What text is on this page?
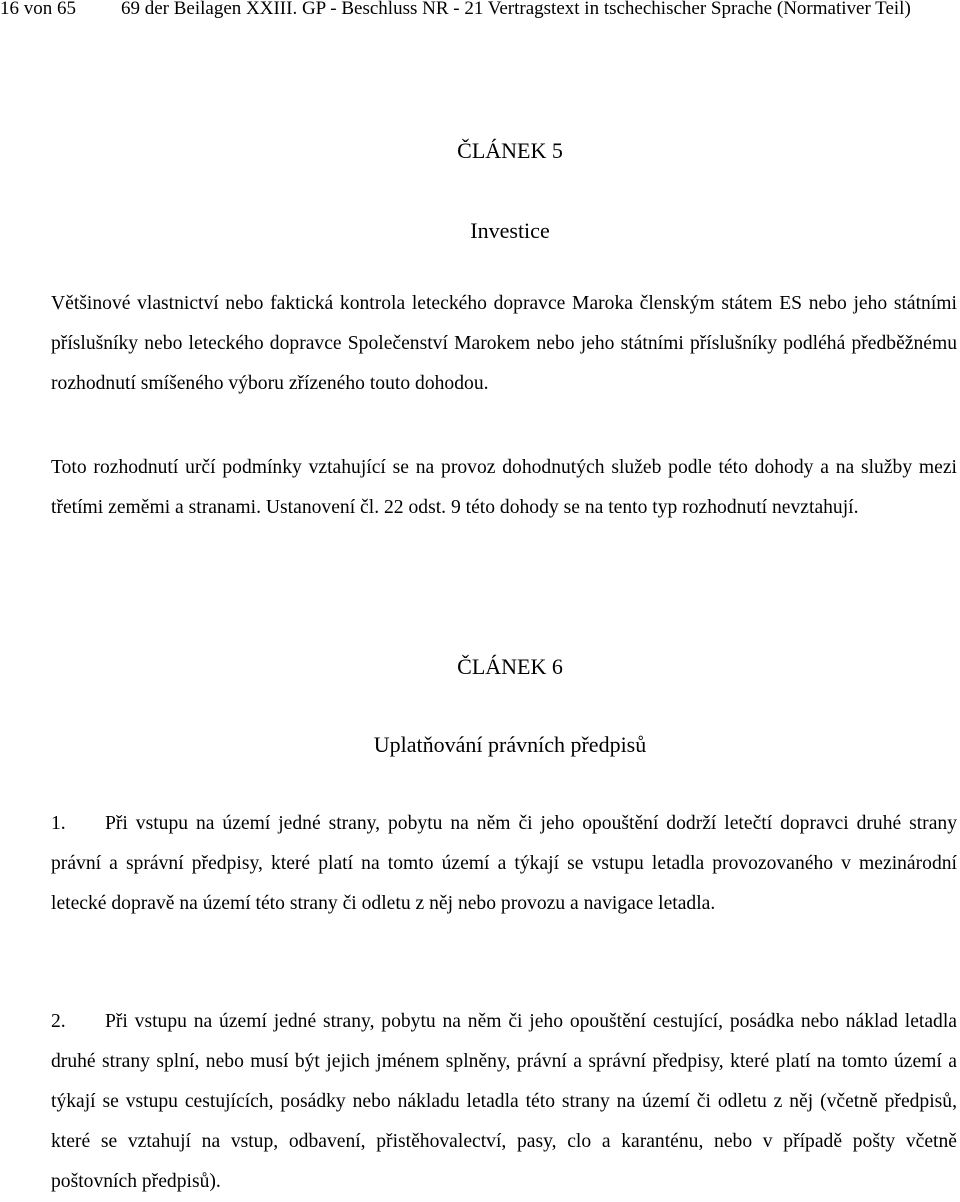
16 von 65 69 der Beilagen XXIII. GP - Beschluss NR - 21 Vertragstext in tschechischer Sprache (Normativer Teil)
ČLÁNEK 5
Investice

Většinové vlastnictví nebo faktická kontrola leteckého dopravce Maroka členským státem ES nebo jeho státními příslušníky nebo leteckého dopravce Společenství Marokem nebo jeho státními příslušníky podléhá předběžnému rozhodnutí smíšeného výboru zřízeného touto dohodou.

Toto rozhodnutí určí podmínky vztahující se na provoz dohodnutých služeb podle této dohody a na služby mezi třetími zeměmi a stranami. Ustanovení čl. 22 odst. 9 této dohody se na tento typ rozhodnutí nevztahují.

ČLÁNEK 6
Uplatňování právních předpisů

1. Při vstupu na území jedné strany, pobytu na něm či jeho opouštění dodrží letečtí dopravci druhé strany právní a správní předpisy, které platí na tomto území a týkají se vstupu letadla provozovaného v mezinárodní letecké dopravě na území této strany či odletu z něj nebo provozu a navigace letadla.

2. Při vstupu na území jedné strany, pobytu na něm či jeho opouštění cestující, posádka nebo náklad letadla druhé strany splní, nebo musí být jejich jménem splněny, právní a správní předpisy, které platí na tomto území a týkají se vstupu cestujících, posádky nebo nákladu letadla této strany na území či odletu z něj (včetně předpisů, které se vztahují na vstup, odbavení, přistěhovalectví, pasy, clo a karanténu, nebo v případě pošty včetně poštovních předpisů).
